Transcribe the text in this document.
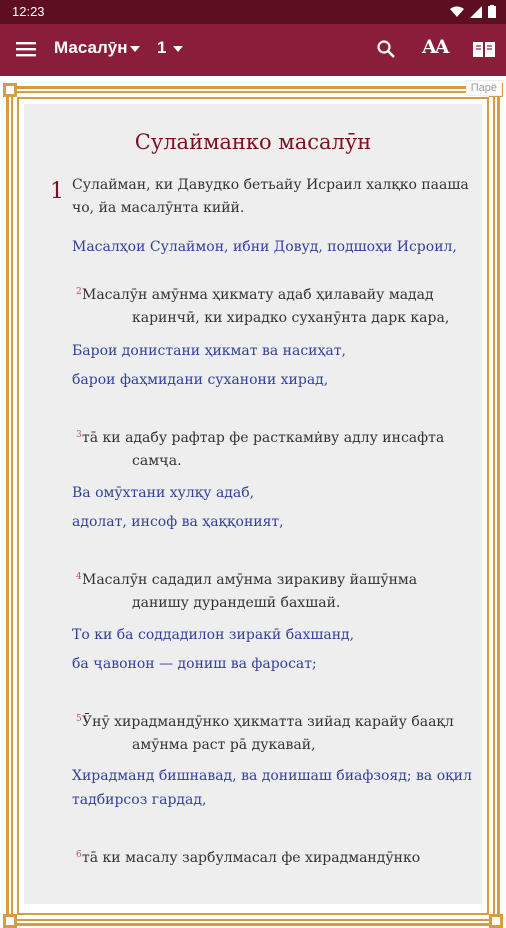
12:23
Масалӯн 1	AA
Парё
Сулайманко масалӯн
1 Сулайман, ки Давудко бетьайу Исраил халқко пааша
чо, йа масалӯнта кийй.
Масалҳои Сулаймон, ибни Довуд, подшоҳи Исроил,
2 Масалӯн амӯнма ҳикмату адаб ҳилавайу мадад
каринчӣ, ки хирадко суханӯнта дарк кара,
Барои донистани ҳикмат ва насиҳат,
барои фаҳмидани суханони хирад,
3 тā ки адабу рафтар фе растками̇ву адлу инсафта
самҷа.
Ва омӯхтани хулқу адаб,
адолат, инсоф ва ҳаққоният,
4 Масалӯн сададил амӯнма зиракиву йашӯнма
данишу дурандешӣ бахшай.
То ки ба соддадилон зиракӣ бахшанд,
ба ҷавонон — дониш ва фаросат;
5 Ӯнӯ хирадмандӯнко ҳикматта зийад карайу баақл
амӯнма раст рā дукавай,
Хирадманд бишнавад, ва донишаш биафзояд; ва оқил
тадбирсоз гардад,
6 тā ки масалу зарбулмасал фе хирадмандӯнко
